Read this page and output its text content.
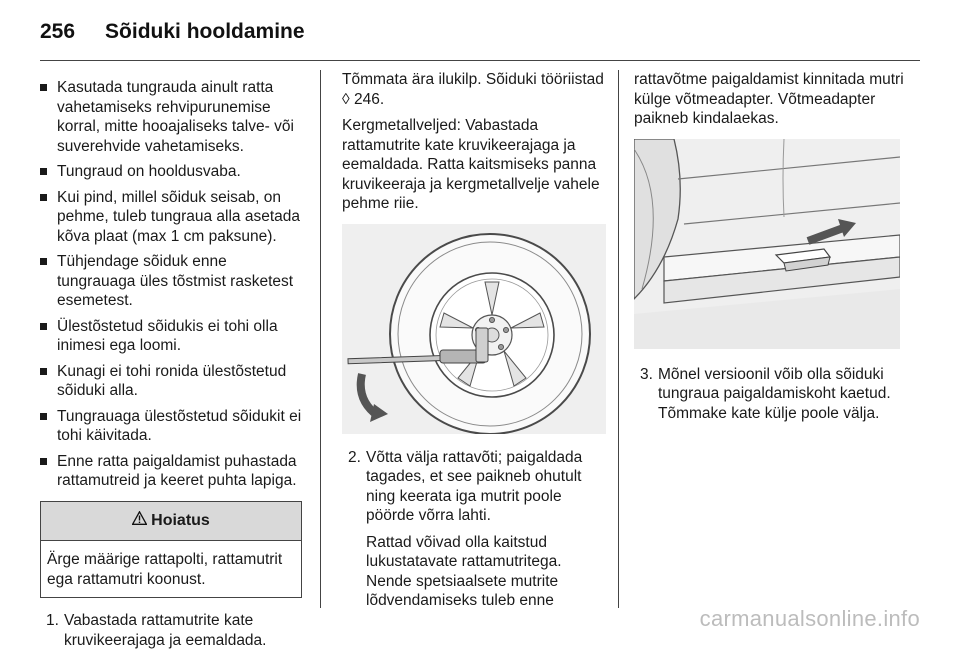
256 Sõiduki hooldamine
Kasutada tungrauda ainult ratta vahetamiseks rehvipurunemise korral, mitte hooajaliseks talve- või suverehvide vahetamiseks.
Tungraud on hooldusvaba.
Kui pind, millel sõiduk seisab, on pehme, tuleb tungraua alla asetada kõva plaat (max 1 cm paksune).
Tühjendage sõiduk enne tungrauaga üles tõstmist rasketest esemetest.
Ülestõstetud sõidukis ei tohi olla inimesi ega loomi.
Kunagi ei tohi ronida ülestõstetud sõiduki alla.
Tungrauaga ülestõstetud sõidukit ei tohi käivitada.
Enne ratta paigaldamist puhastada rattamutreid ja keeret puhta lapiga.
Hoiatus
Ärge määrige rattapolti, rattamutrit ega rattamutri koonust.
1. Vabastada rattamutrite kate kruvikeerajaga ja eemaldada.

Tõmmata ära ilukilp. Sõiduki tööriistad ◊ 246.

Kergmetallveljed: Vabastada rattamutrite kate kruvikeerajaga ja eemaldada. Ratta kaitsmiseks panna kruvikeeraja ja kergmetallvelje vahele pehme riie.

2. Võtta välja rattavõti; paigaldada tagades, et see paikneb ohutult ning keerata iga mutrit poole pöörde võrra lahti.

Rattad võivad olla kaitstud lukustatavate rattamutritega. Nende spetsiaalsete mutrite lõdvendamiseks tuleb enne

rattavõtme paigaldamist kinnitada mutri külge võtmeadapter. Võtmeadapter paikneb kindalaekas.

3. Mõnel versioonil võib olla sõiduki tungraua paigaldamiskoht kaetud. Tõmmake kate külje poole välja.
carmanualsonline.info
